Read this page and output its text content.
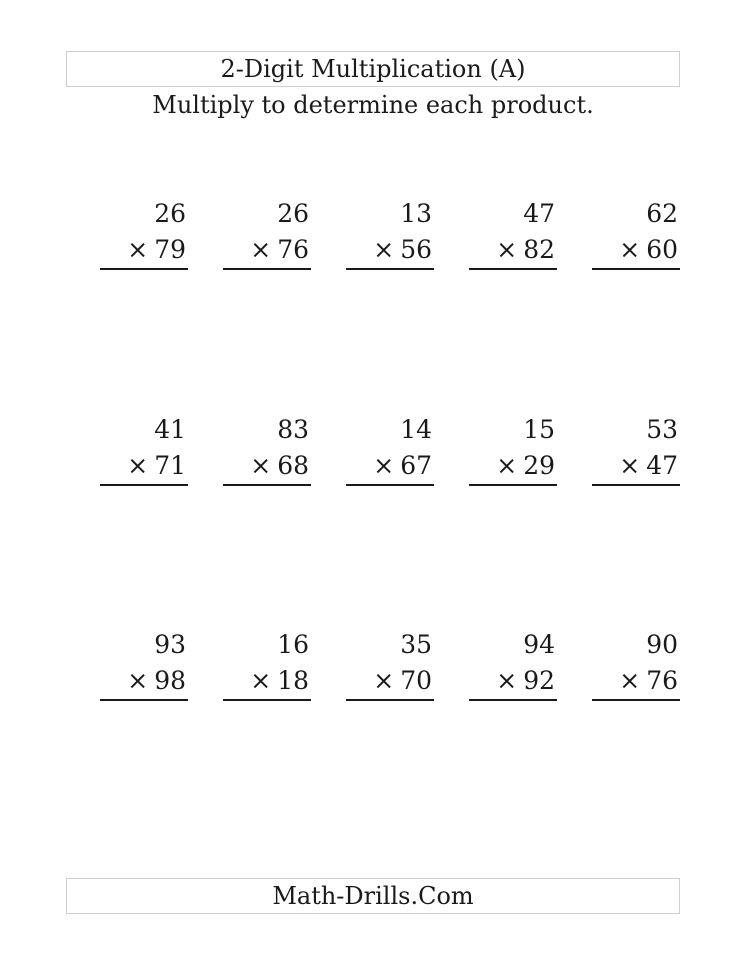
2-Digit Multiplication (A)
Multiply to determine each product.
26
× 79
26
× 76
13
× 56
47
× 82
62
× 60
41
× 71
83
× 68
14
× 67
15
× 29
53
× 47
93
× 98
16
× 18
35
× 70
94
× 92
90
× 76
Math-Drills.Com
